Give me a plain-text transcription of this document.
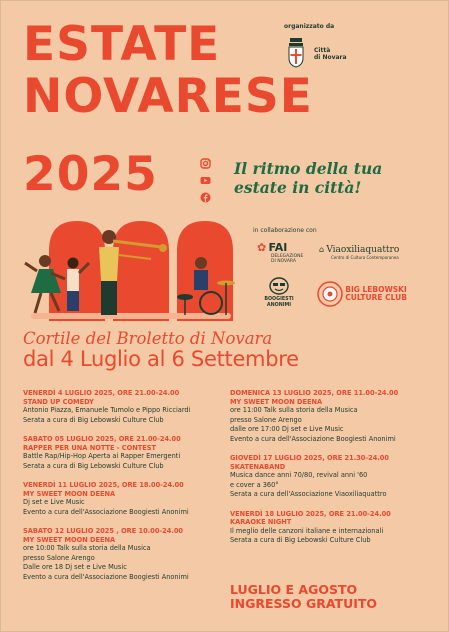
ESTATE
NOVARESE
2025
organizzato da
Città
di Novara
Il ritmo della tua
estate in città!
in collaborazione con
✿ FAI
DELEGAZIONE
DI NOVARA
⌂ Viaoxiliaquattro
Centro di Cultura Contemporanea
BOOGIESTI
ANONIMI
BIG LEBOWSKI
CULTURE CLUB
Cortile del Broletto di Novara
dal 4 Luglio al 6 Settembre
VENERDÌ 4 LUGLIO 2025, ORE 21.00-24.00
STAND UP COMEDY
Antonio Piazza, Emanuele Tumolo e Pippo Ricciardi
Serata a cura di Big Lebowski Culture Club
SABATO 05 LUGLIO 2025, ORE 21.00-24.00
RAPPER PER UNA NOTTE - CONTEST
Battle Rap/Hip-Hop Aperta ai Rapper Emergenti
Serata a cura di Big Lebowski Culture Club
VENERDÌ 11 LUGLIO 2025, ORE 18.00-24.00
MY SWEET MOON DEENA
Dj set e Live Music
Evento a cura dell'Associazione Boogiesti Anonimi
SABATO 12 LUGLIO 2025 , ORE 10.00-24.00
MY SWEET MOON DEENA
ore 10:00 Talk sulla storia della Musica
presso Salone Arengo
Dalle ore 18 Dj set e Live Music
Evento a cura dell'Associazione Boogiesti Anonimi
DOMENICA 13 LUGLIO 2025, ORE 11.00-24.00
MY SWEET MOON DEENA
ore 11:00 Talk sulla storia della Musica
presso Salone Arengo
dalle ore 17:00 Dj set e Live Music
Evento a cura dell'Associazione Boogiesti Anonimi
GIOVEDÌ 17 LUGLIO 2025, ORE 21.30-24.00
SKATENABAND
Musica dance anni 70/80, revival anni '60
e cover a 360°
Serata a cura dell'Associazione Viaoxiliaquattro
VENERDÌ 18 LUGLIO 2025, ORE 21.00-24.00
KARAOKE NIGHT
Il meglio delle canzoni italiane e internazionali
Serata a cura di Big Lebowski Culture Club
LUGLIO E AGOSTO
INGRESSO GRATUITO
